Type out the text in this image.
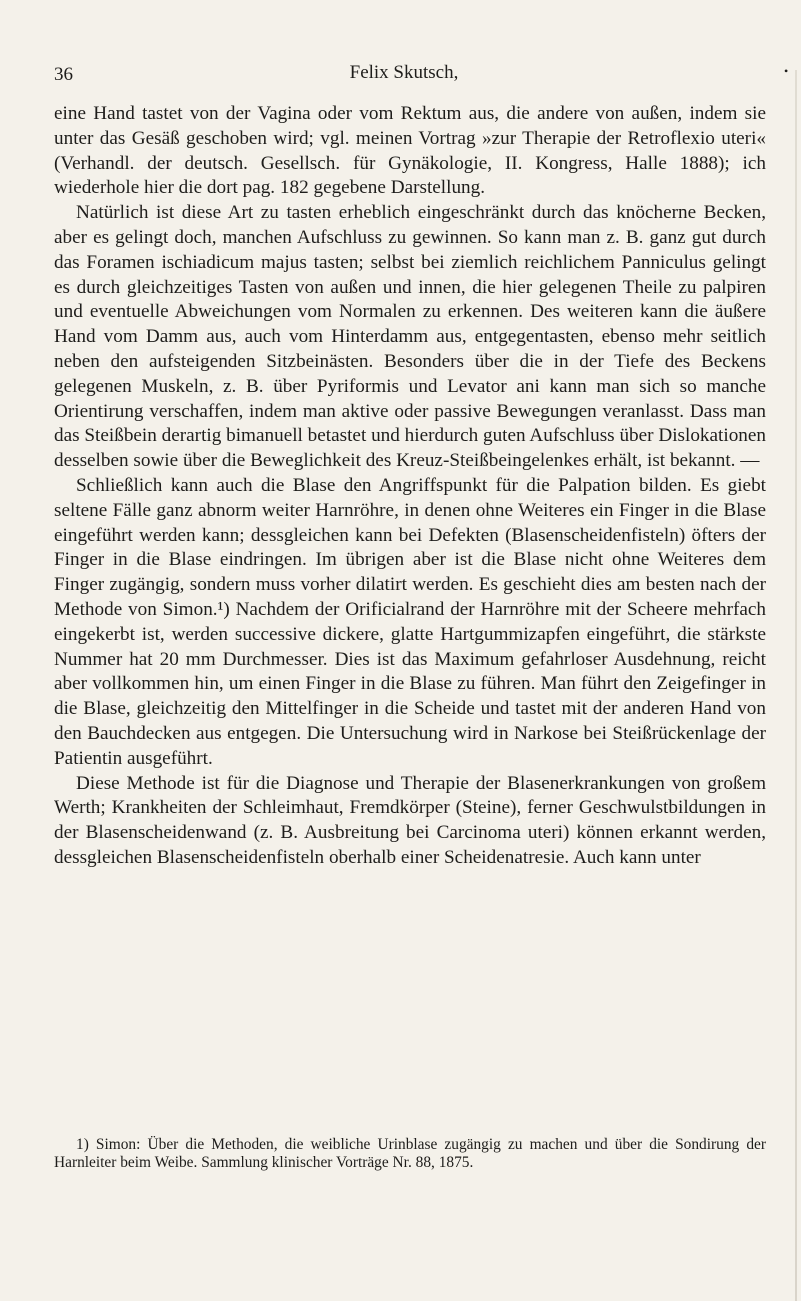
36	Felix Skutsch,	•

eine Hand tastet von der Vagina oder vom Rektum aus, die andere von außen, indem sie unter das Gesäß geschoben wird; vgl. meinen Vortrag »zur Therapie der Retroflexio uteri« (Verhandl. der deutsch. Gesellsch. für Gynäkologie, II. Kongress, Halle 1888); ich wiederhole hier die dort pag. 182 gegebene Darstellung.

Natürlich ist diese Art zu tasten erheblich eingeschränkt durch das knöcherne Becken, aber es gelingt doch, manchen Aufschluss zu gewinnen. So kann man z. B. ganz gut durch das Foramen ischiadicum majus tasten; selbst bei ziemlich reichlichem Panniculus gelingt es durch gleichzeitiges Tasten von außen und innen, die hier gelegenen Theile zu palpiren und eventuelle Abweichungen vom Normalen zu erkennen. Des weiteren kann die äußere Hand vom Damm aus, auch vom Hinterdamm aus, entgegentasten, ebenso mehr seitlich neben den aufsteigenden Sitzbeinästen. Besonders über die in der Tiefe des Beckens gelegenen Muskeln, z. B. über Pyriformis und Levator ani kann man sich so manche Orientirung verschaffen, indem man aktive oder passive Bewegungen veranlasst. Dass man das Steißbein derartig bimanuell betastet und hierdurch guten Aufschluss über Dislokationen desselben sowie über die Beweglichkeit des Kreuz-Steißbeingelenkes erhält, ist bekannt. —

Schließlich kann auch die Blase den Angriffspunkt für die Palpation bilden. Es giebt seltene Fälle ganz abnorm weiter Harnröhre, in denen ohne Weiteres ein Finger in die Blase eingeführt werden kann; dessgleichen kann bei Defekten (Blasenscheidenfisteln) öfters der Finger in die Blase eindringen. Im übrigen aber ist die Blase nicht ohne Weiteres dem Finger zugängig, sondern muss vorher dilatirt werden. Es geschieht dies am besten nach der Methode von Simon.¹) Nachdem der Orificialrand der Harnröhre mit der Scheere mehrfach eingekerbt ist, werden successive dickere, glatte Hartgummizapfen eingeführt, die stärkste Nummer hat 20 mm Durchmesser. Dies ist das Maximum gefahrloser Ausdehnung, reicht aber vollkommen hin, um einen Finger in die Blase zu führen. Man führt den Zeigefinger in die Blase, gleichzeitig den Mittelfinger in die Scheide und tastet mit der anderen Hand von den Bauchdecken aus entgegen. Die Untersuchung wird in Narkose bei Steißrückenlage der Patientin ausgeführt.

Diese Methode ist für die Diagnose und Therapie der Blasenerkrankungen von großem Werth; Krankheiten der Schleimhaut, Fremdkörper (Steine), ferner Geschwulstbildungen in der Blasenscheidenwand (z. B. Ausbreitung bei Carcinoma uteri) können erkannt werden, dessgleichen Blasenscheidenfisteln oberhalb einer Scheidenatresie. Auch kann unter

1) Simon: Über die Methoden, die weibliche Urinblase zugängig zu machen und über die Sondirung der Harnleiter beim Weibe. Sammlung klinischer Vorträge Nr. 88, 1875.
